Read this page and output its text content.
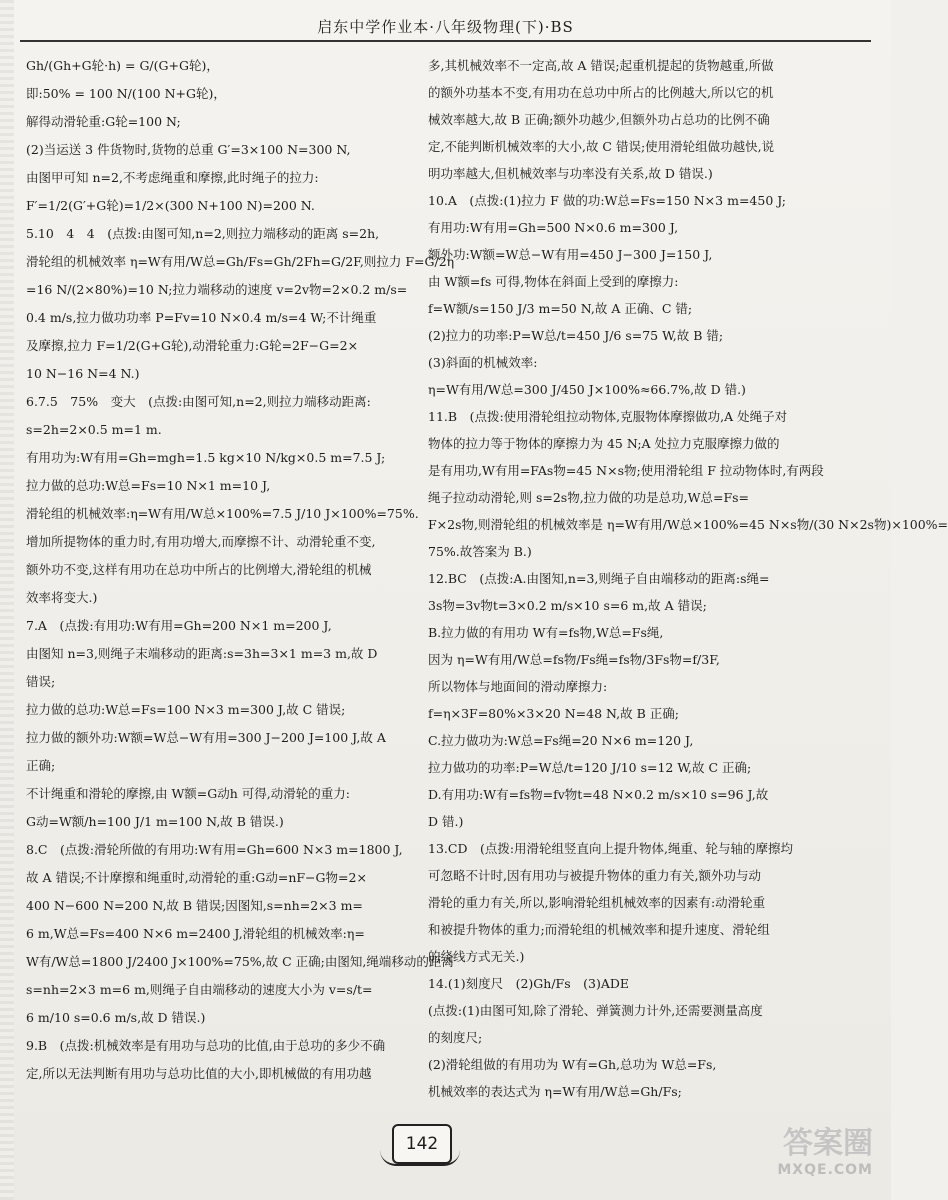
启东中学作业本·八年级物理(下)·BS

Gh/(Gh+G轮·h) = G/(G+G轮)，

即:50% = 100 N/(100 N+G轮)，

解得动滑轮重:G轮=100 N;

(2)当运送 3 件货物时,货物的总重 G′=3×100 N=300 N,

由图甲可知 n=2,不考虑绳重和摩擦,此时绳子的拉力:

F′=1/2(G′+G轮)=1/2×(300 N+100 N)=200 N.

5.10　4　4　(点拨:由图可知,n=2,则拉力端移动的距离 s=2h,

滑轮组的机械效率 η=W有用/W总=Gh/Fs=Gh/2Fh=G/2F,则拉力 F=G/2η

=16 N/(2×80%)=10 N;拉力端移动的速度 v=2v物=2×0.2 m/s=

0.4 m/s,拉力做功功率 P=Fv=10 N×0.4 m/s=4 W;不计绳重

及摩擦,拉力 F=1/2(G+G轮),动滑轮重力:G轮=2F−G=2×

10 N−16 N=4 N.)

6.7.5　75%　变大　(点拨:由图可知,n=2,则拉力端移动距离:

s=2h=2×0.5 m=1 m.

有用功为:W有用=Gh=mgh=1.5 kg×10 N/kg×0.5 m=7.5 J;

拉力做的总功:W总=Fs=10 N×1 m=10 J,

滑轮组的机械效率:η=W有用/W总×100%=7.5 J/10 J×100%=75%.

增加所提物体的重力时,有用功增大,而摩擦不计、动滑轮重不变,

额外功不变,这样有用功在总功中所占的比例增大,滑轮组的机械

效率将变大.)

7.A　(点拨:有用功:W有用=Gh=200 N×1 m=200 J,

由图知 n=3,则绳子末端移动的距离:s=3h=3×1 m=3 m,故 D

错误;

拉力做的总功:W总=Fs=100 N×3 m=300 J,故 C 错误;

拉力做的额外功:W额=W总−W有用=300 J−200 J=100 J,故 A

正确;

不计绳重和滑轮的摩擦,由 W额=G动h 可得,动滑轮的重力:

G动=W额/h=100 J/1 m=100 N,故 B 错误.)

8.C　(点拨:滑轮所做的有用功:W有用=Gh=600 N×3 m=1800 J,

故 A 错误;不计摩擦和绳重时,动滑轮的重:G动=nF−G物=2×

400 N−600 N=200 N,故 B 错误;因图知,s=nh=2×3 m=

6 m,W总=Fs=400 N×6 m=2400 J,滑轮组的机械效率:η=

W有/W总=1800 J/2400 J×100%=75%,故 C 正确;由图知,绳端移动的距离

s=nh=2×3 m=6 m,则绳子自由端移动的速度大小为 v=s/t=

6 m/10 s=0.6 m/s,故 D 错误.)

9.B　(点拨:机械效率是有用功与总功的比值,由于总功的多少不确

定,所以无法判断有用功与总功比值的大小,即机械做的有用功越

多,其机械效率不一定高,故 A 错误;起重机提起的货物越重,所做

的额外功基本不变,有用功在总功中所占的比例越大,所以它的机

械效率越大,故 B 正确;额外功越少,但额外功占总功的比例不确

定,不能判断机械效率的大小,故 C 错误;使用滑轮组做功越快,说

明功率越大,但机械效率与功率没有关系,故 D 错误.)

10.A　(点拨:(1)拉力 F 做的功:W总=Fs=150 N×3 m=450 J;

有用功:W有用=Gh=500 N×0.6 m=300 J,

额外功:W额=W总−W有用=450 J−300 J=150 J,

由 W额=fs 可得,物体在斜面上受到的摩擦力:

f=W额/s=150 J/3 m=50 N,故 A 正确、C 错;

(2)拉力的功率:P=W总/t=450 J/6 s=75 W,故 B 错;

(3)斜面的机械效率:

η=W有用/W总=300 J/450 J×100%≈66.7%,故 D 错.)

11.B　(点拨:使用滑轮组拉动物体,克服物体摩擦做功,A 处绳子对

物体的拉力等于物体的摩擦力为 45 N;A 处拉力克服摩擦力做的

是有用功,W有用=FAs物=45 N×s物;使用滑轮组 F 拉动物体时,有两段

绳子拉动动滑轮,则 s=2s物,拉力做的功是总功,W总=Fs=

F×2s物,则滑轮组的机械效率是 η=W有用/W总×100%=45 N×s物/(30 N×2s物)×100%=

75%.故答案为 B.)

12.BC　(点拨:A.由图知,n=3,则绳子自由端移动的距离:s绳=

3s物=3v物t=3×0.2 m/s×10 s=6 m,故 A 错误;

B.拉力做的有用功 W有=fs物,W总=Fs绳,

因为 η=W有用/W总=fs物/Fs绳=fs物/3Fs物=f/3F,

所以物体与地面间的滑动摩擦力:

f=η×3F=80%×3×20 N=48 N,故 B 正确;

C.拉力做功为:W总=Fs绳=20 N×6 m=120 J,

拉力做功的功率:P=W总/t=120 J/10 s=12 W,故 C 正确;

D.有用功:W有=fs物=fv物t=48 N×0.2 m/s×10 s=96 J,故

D 错.)

13.CD　(点拨:用滑轮组竖直向上提升物体,绳重、轮与轴的摩擦均

可忽略不计时,因有用功与被提升物体的重力有关,额外功与动

滑轮的重力有关,所以,影响滑轮组机械效率的因素有:动滑轮重

和被提升物体的重力;而滑轮组的机械效率和提升速度、滑轮组

的绕线方式无关.)

14.(1)刻度尺　(2)Gh/Fs　(3)ADE

(点拨:(1)由图可知,除了滑轮、弹簧测力计外,还需要测量高度

的刻度尺;

(2)滑轮组做的有用功为 W有=Gh,总功为 W总=Fs,

机械效率的表达式为 η=W有用/W总=Gh/Fs;

142	答案圈
MXQE.COM
